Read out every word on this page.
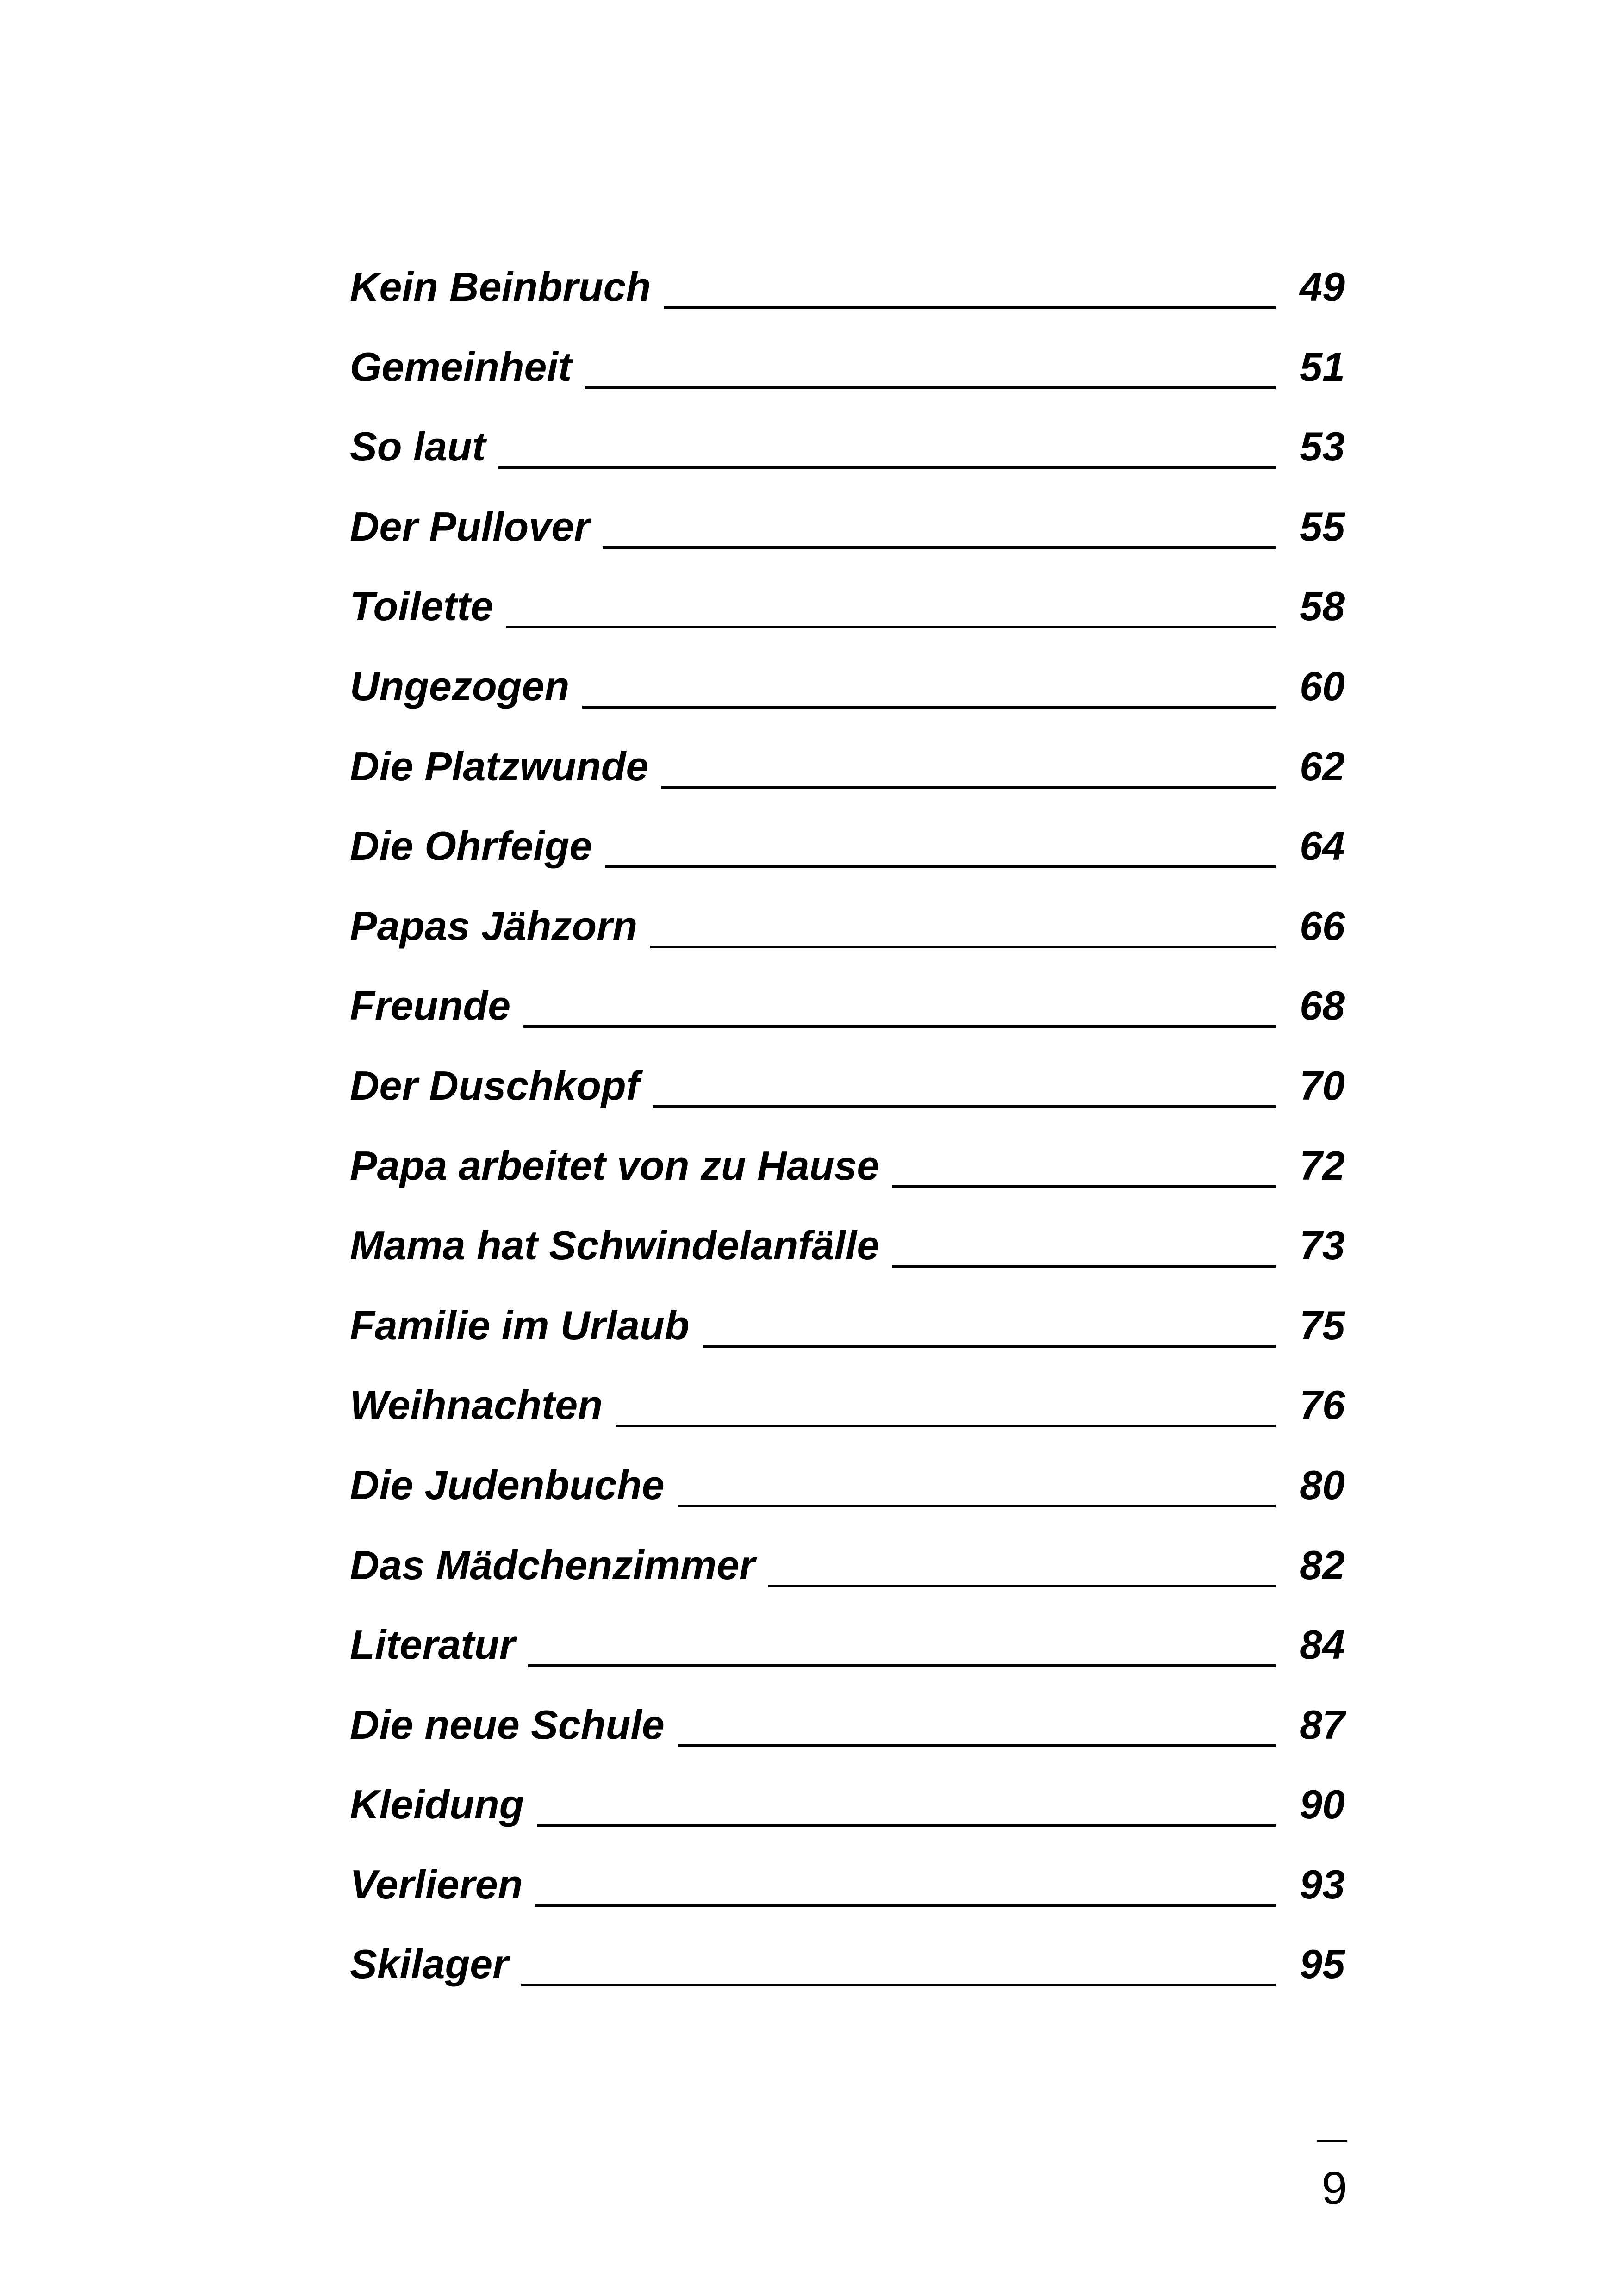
Kein Beinbruch	49
Gemeinheit	51
So laut	53
Der Pullover	55
Toilette	58
Ungezogen	60
Die Platzwunde	62
Die Ohrfeige	64
Papas Jähzorn	66
Freunde	68
Der Duschkopf	70
Papa arbeitet von zu Hause	72
Mama hat Schwindelanfälle	73
Familie im Urlaub	75
Weihnachten	76
Die Judenbuche	80
Das Mädchenzimmer	82
Literatur	84
Die neue Schule	87
Kleidung	90
Verlieren	93
Skilager	95
9
